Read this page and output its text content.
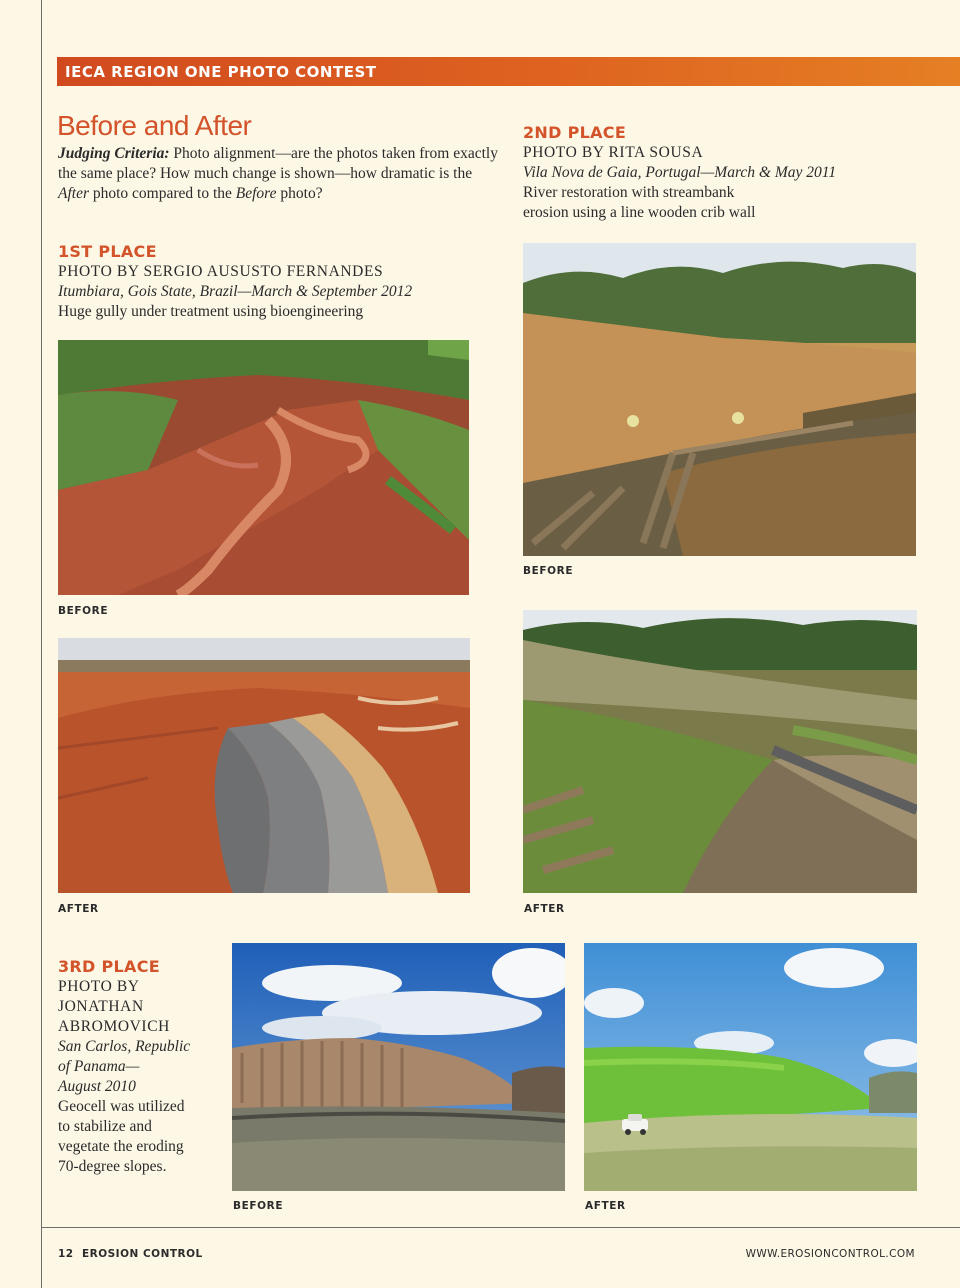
IECA REGION ONE PHOTO CONTEST
Before and After
Judging Criteria: Photo alignment—are the photos taken from exactly the same place? How much change is shown—how dramatic is the After photo compared to the Before photo?
1ST PLACE
PHOTO BY SERGIO AUSUSTO FERNANDES
Itumbiara, Gois State, Brazil—March & September 2012
Huge gully under treatment using bioengineering
BEFORE
AFTER
2ND PLACE
PHOTO BY RITA SOUSA
Vila Nova de Gaia, Portugal—March & May 2011
River restoration with streambank
erosion using a line wooden crib wall
BEFORE
AFTER
3RD PLACE
PHOTO BY
JONATHAN
ABROMOVICH
San Carlos, Republic
of Panama—
August 2010
Geocell was utilized
to stabilize and
vegetate the eroding
70-degree slopes.
BEFORE	AFTER
12 EROSION CONTROL	WWW.EROSIONCONTROL.COM
